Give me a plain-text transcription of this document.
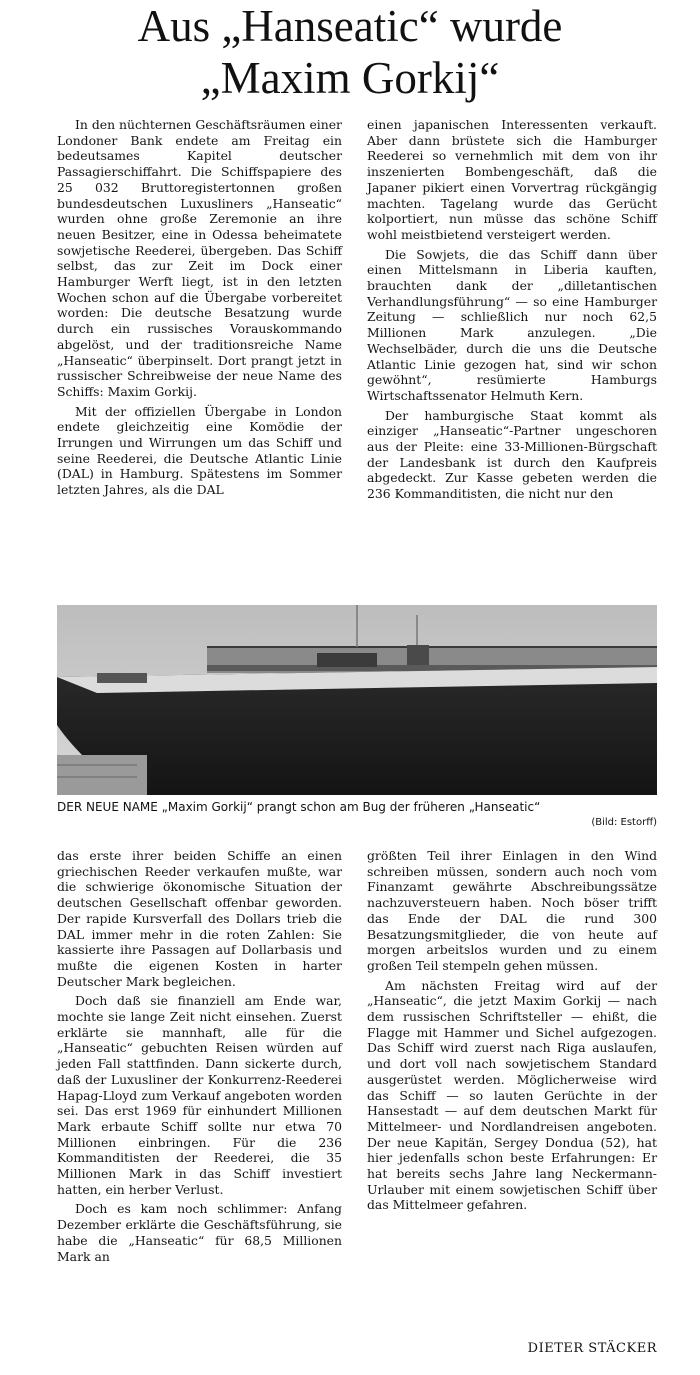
Aus „Hanseatic“ wurde
„Maxim Gorkij“

In den nüchternen Geschäftsräumen einer Londoner Bank endete am Freitag ein bedeutsames Kapitel deutscher Passagierschiffahrt. Die Schiffspapiere des 25 032 Bruttoregistertonnen großen bundesdeutschen Luxusliners „Hanseatic“ wurden ohne große Zeremonie an ihre neuen Besitzer, eine in Odessa beheimatete sowjetische Reederei, übergeben. Das Schiff selbst, das zur Zeit im Dock einer Hamburger Werft liegt, ist in den letzten Wochen schon auf die Übergabe vorbereitet worden: Die deutsche Besatzung wurde durch ein russisches Vorauskommando abgelöst, und der traditionsreiche Name „Hanseatic“ überpinselt. Dort prangt jetzt in russischer Schreibweise der neue Name des Schiffs: Maxim Gorkij.

Mit der offiziellen Übergabe in London endete gleichzeitig eine Komödie der Irrungen und Wirrungen um das Schiff und seine Reederei, die Deutsche Atlantic Linie (DAL) in Hamburg. Spätestens im Sommer letzten Jahres, als die DAL

einen japanischen Interessenten verkauft. Aber dann brüstete sich die Hamburger Reederei so vernehmlich mit dem von ihr inszenierten Bombengeschäft, daß die Japaner pikiert einen Vorvertrag rückgängig machten. Tagelang wurde das Gerücht kolportiert, nun müsse das schöne Schiff wohl meistbietend versteigert werden.

Die Sowjets, die das Schiff dann über einen Mittelsmann in Liberia kauften, brauchten dank der „dilletantischen Verhandlungsführung“ — so eine Hamburger Zeitung — schließlich nur noch 62,5 Millionen Mark anzulegen. „Die Wechselbäder, durch die uns die Deutsche Atlantic Linie gezogen hat, sind wir schon gewöhnt“, resümierte Hamburgs Wirtschaftssenator Helmuth Kern.

Der hamburgische Staat kommt als einziger „Hanseatic“-Partner ungeschoren aus der Pleite: eine 33-Millionen-Bürgschaft der Landesbank ist durch den Kaufpreis abgedeckt. Zur Kasse gebeten werden die 236 Kommanditisten, die nicht nur den

DER NEUE NAME „Maxim Gorkij“ prangt schon am Bug der früheren „Hanseatic“
(Bild: Estorff)

das erste ihrer beiden Schiffe an einen griechischen Reeder verkaufen mußte, war die schwierige ökonomische Situation der deutschen Gesellschaft offenbar geworden. Der rapide Kursverfall des Dollars trieb die DAL immer mehr in die roten Zahlen: Sie kassierte ihre Passagen auf Dollarbasis und mußte die eigenen Kosten in harter Deutscher Mark begleichen.

Doch daß sie finanziell am Ende war, mochte sie lange Zeit nicht einsehen. Zuerst erklärte sie mannhaft, alle für die „Hanseatic“ gebuchten Reisen würden auf jeden Fall stattfinden. Dann sickerte durch, daß der Luxusliner der Konkurrenz-Reederei Hapag-Lloyd zum Verkauf angeboten worden sei. Das erst 1969 für einhundert Millionen Mark erbaute Schiff sollte nur etwa 70 Millionen einbringen. Für die 236 Kommanditisten der Reederei, die 35 Millionen Mark in das Schiff investiert hatten, ein herber Verlust.

Doch es kam noch schlimmer: Anfang Dezember erklärte die Geschäftsführung, sie habe die „Hanseatic“ für 68,5 Millionen Mark an

größten Teil ihrer Einlagen in den Wind schreiben müssen, sondern auch noch vom Finanzamt gewährte Abschreibungssätze nachzuversteuern haben. Noch böser trifft das Ende der DAL die rund 300 Besatzungsmitglieder, die von heute auf morgen arbeitslos wurden und zu einem großen Teil stempeln gehen müssen.

Am nächsten Freitag wird auf der „Hanseatic“, die jetzt Maxim Gorkij — nach dem russischen Schriftsteller — ehißt, die Flagge mit Hammer und Sichel aufgezogen. Das Schiff wird zuerst nach Riga auslaufen, und dort voll nach sowjetischem Standard ausgerüstet werden. Möglicherweise wird das Schiff — so lauten Gerüchte in der Hansestadt — auf dem deutschen Markt für Mittelmeer- und Nordlandreisen angeboten. Der neue Kapitän, Sergey Dondua (52), hat hier jedenfalls schon beste Erfahrungen: Er hat bereits sechs Jahre lang Neckermann-Urlauber mit einem sowjetischen Schiff über das Mittelmeer gefahren.

DIETER STÄCKER
